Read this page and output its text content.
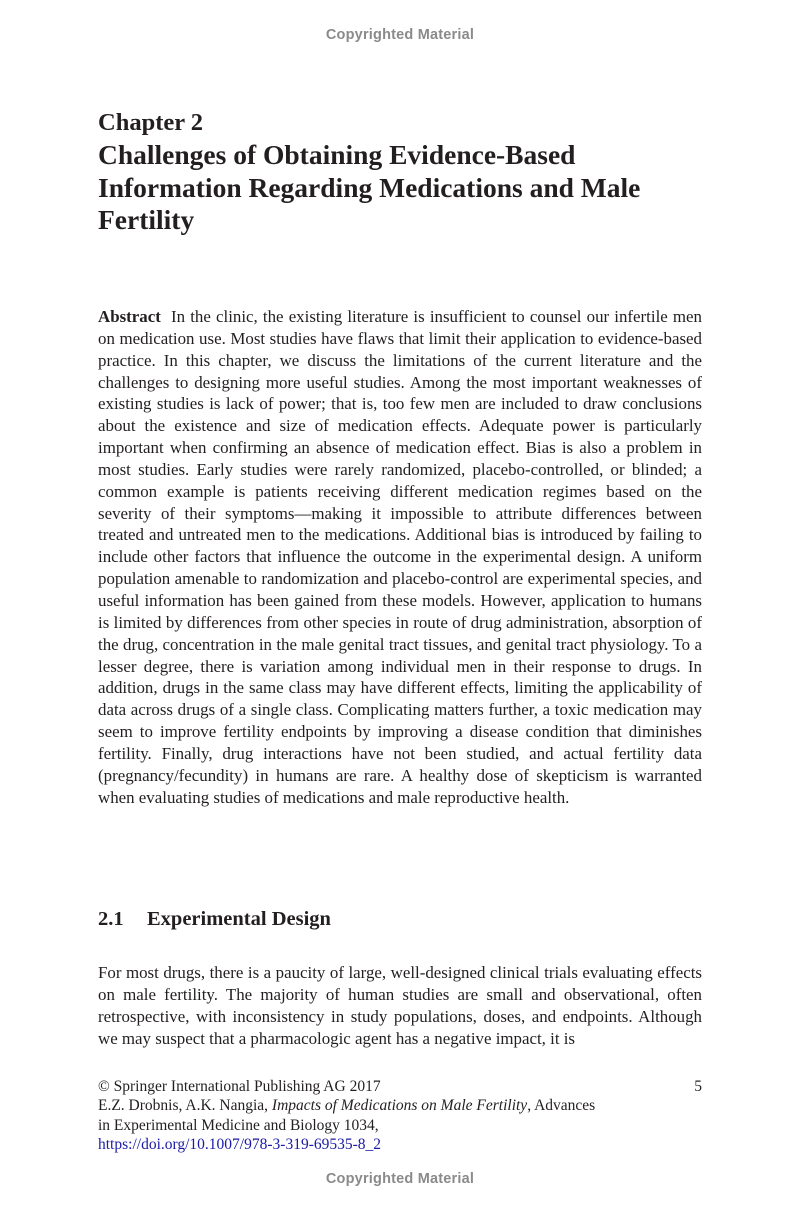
Copyrighted Material
Chapter 2
Challenges of Obtaining Evidence-Based Information Regarding Medications and Male Fertility

Abstract In the clinic, the existing literature is insufficient to counsel our infertile men on medication use. Most studies have flaws that limit their application to evidence-based practice. In this chapter, we discuss the limitations of the current literature and the challenges to designing more useful studies. Among the most important weaknesses of existing studies is lack of power; that is, too few men are included to draw conclusions about the existence and size of medication effects. Adequate power is particularly important when confirming an absence of medication effect. Bias is also a problem in most studies. Early studies were rarely randomized, placebo-controlled, or blinded; a common example is patients receiving different medication regimes based on the severity of their symptoms—making it impossible to attribute differences between treated and untreated men to the medications. Additional bias is introduced by failing to include other factors that influence the outcome in the experimental design. A uniform population amenable to randomization and placebo-control are experimental species, and useful information has been gained from these models. However, application to humans is limited by differences from other species in route of drug administration, absorption of the drug, concentration in the male genital tract tissues, and genital tract physiology. To a lesser degree, there is variation among individual men in their response to drugs. In addition, drugs in the same class may have different effects, limiting the applicability of data across drugs of a single class. Complicating matters further, a toxic medication may seem to improve fertility endpoints by improving a disease condition that diminishes fertility. Finally, drug interactions have not been studied, and actual fertility data (pregnancy/fecundity) in humans are rare. A healthy dose of skepticism is warranted when evaluating studies of medications and male reproductive health.

2.1 Experimental Design

For most drugs, there is a paucity of large, well-designed clinical trials evaluating effects on male fertility. The majority of human studies are small and observational, often retrospective, with inconsistency in study populations, doses, and endpoints. Although we may suspect that a pharmacologic agent has a negative impact, it is

5
© Springer International Publishing AG 2017
E.Z. Drobnis, A.K. Nangia, Impacts of Medications on Male Fertility, Advances
in Experimental Medicine and Biology 1034,
https://doi.org/10.1007/978-3-319-69535-8_2
Copyrighted Material
